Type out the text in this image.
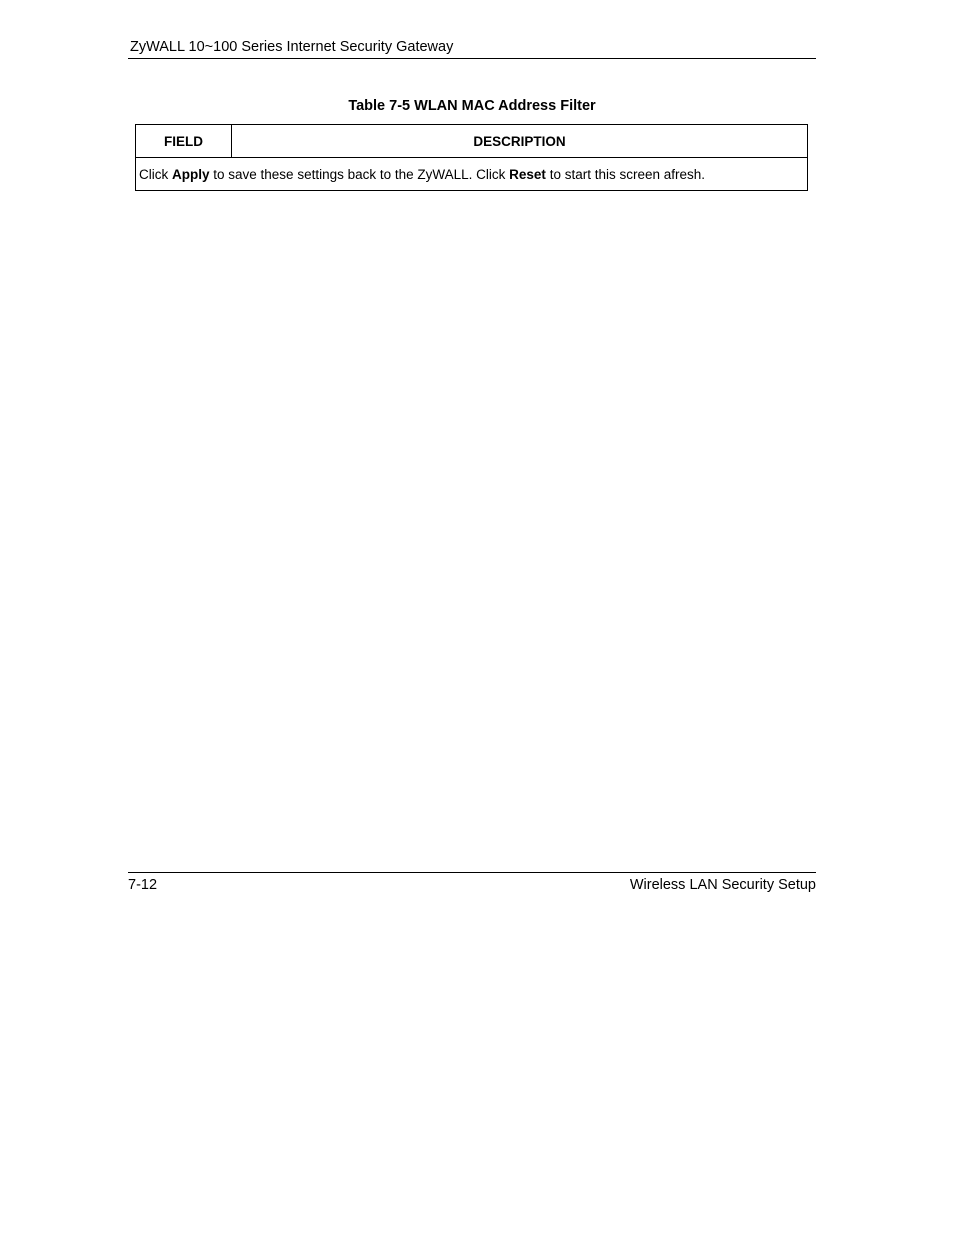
ZyWALL 10~100 Series Internet Security Gateway
Table 7-5 WLAN MAC Address Filter
FIELD	DESCRIPTION
Click Apply to save these settings back to the ZyWALL. Click Reset to start this screen afresh.
7-12	Wireless LAN Security Setup
